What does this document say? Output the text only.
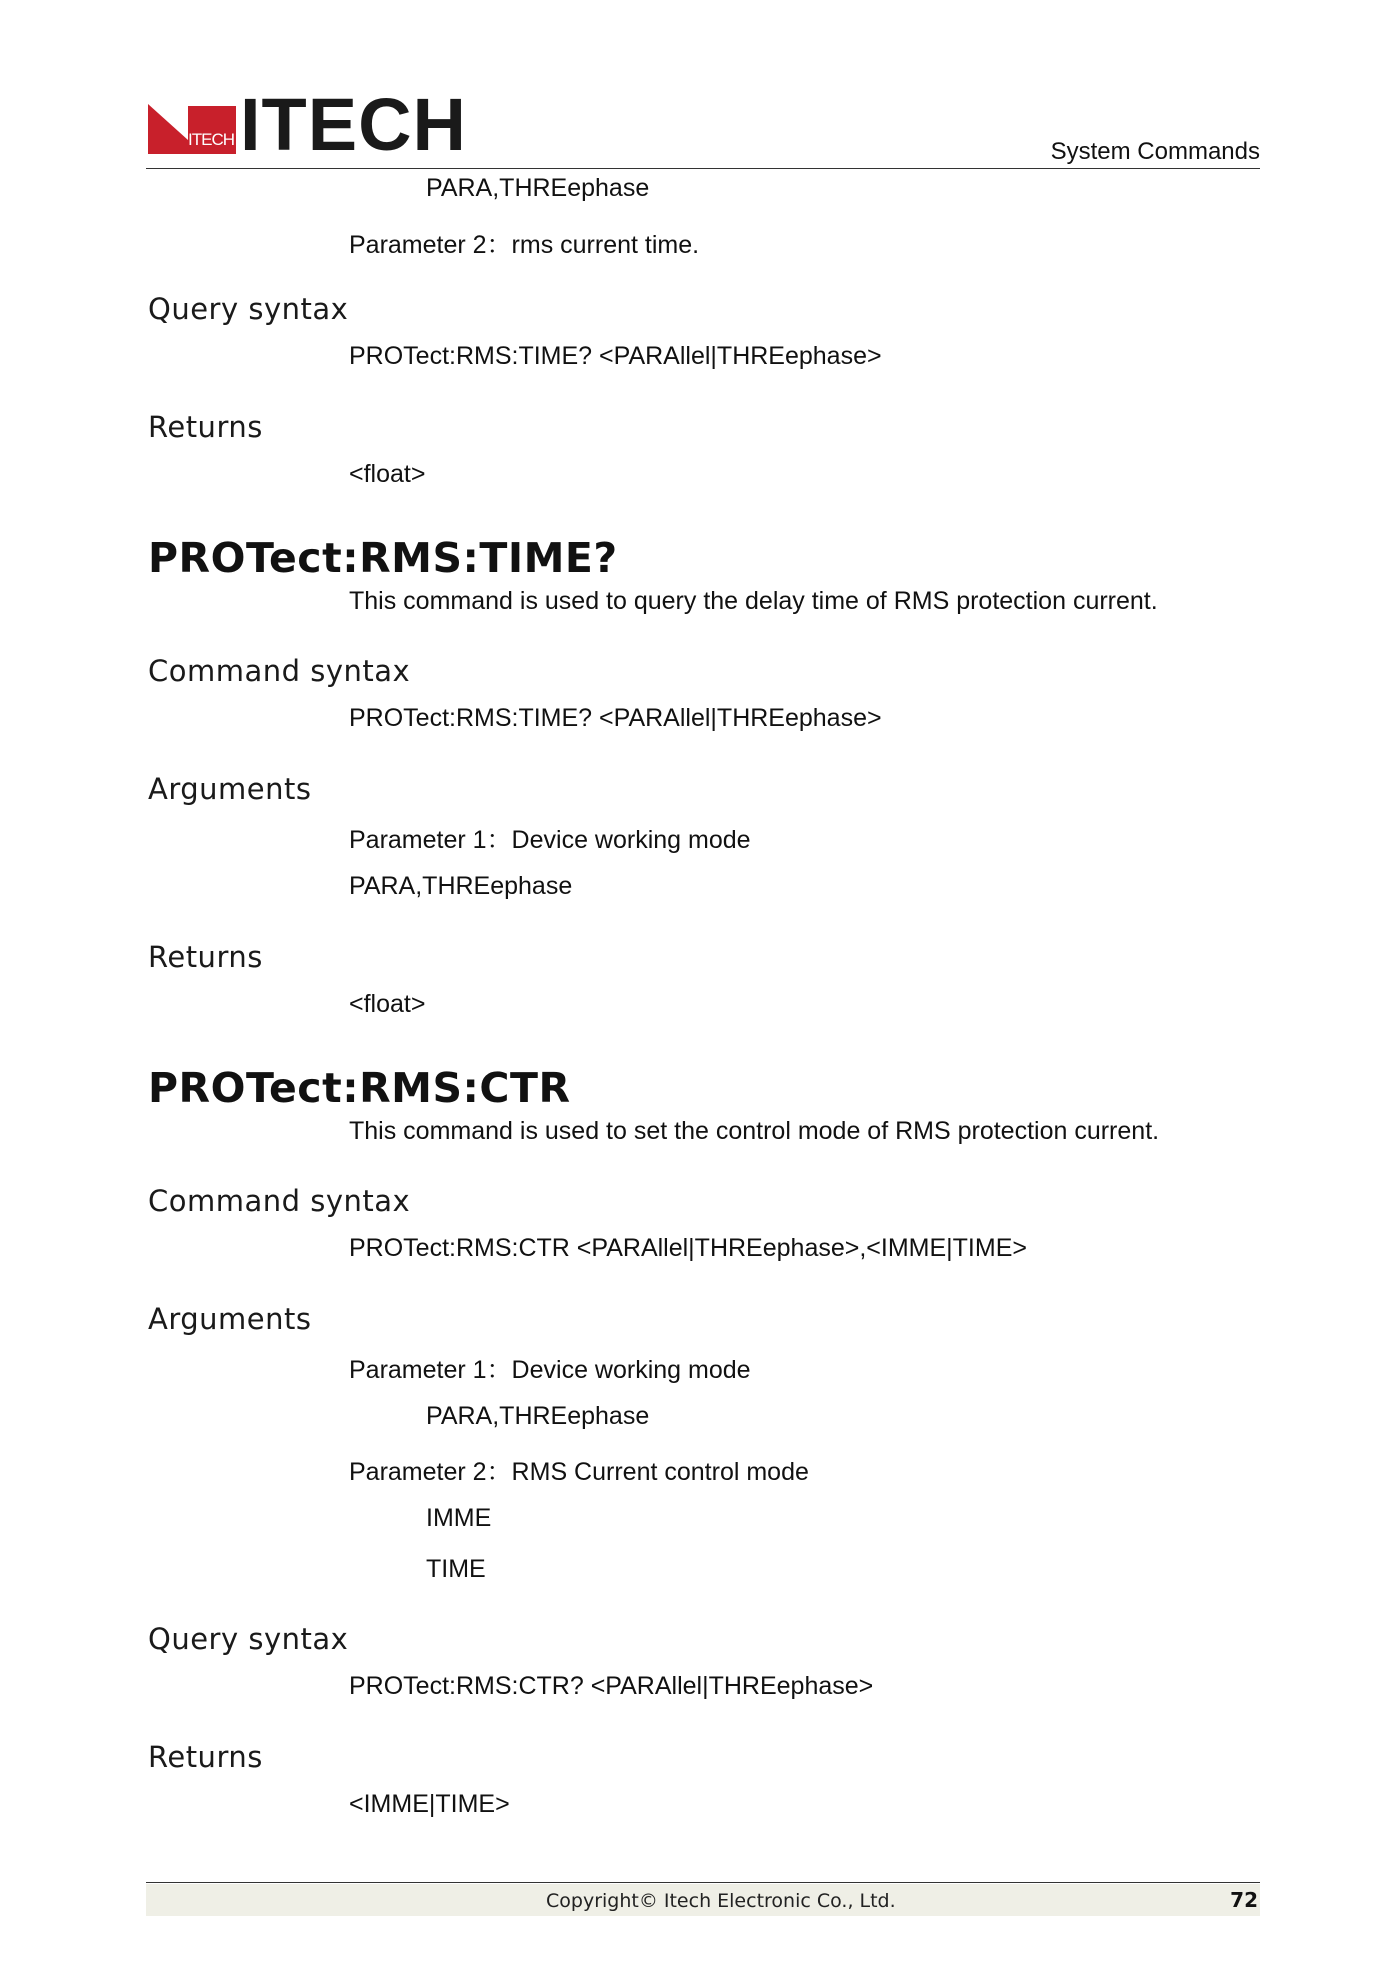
ITECH ITECH	System Commands
PARA,THREephase
Parameter 2：rms current time.
Query syntax
PROTect:RMS:TIME? <PARAllel|THREephase>
Returns
<float>
PROTect:RMS:TIME?
This command is used to query the delay time of RMS protection current.
Command syntax
PROTect:RMS:TIME? <PARAllel|THREephase>
Arguments
Parameter 1：Device working mode
PARA,THREephase
Returns
<float>
PROTect:RMS:CTR
This command is used to set the control mode of RMS protection current.
Command syntax
PROTect:RMS:CTR <PARAllel|THREephase>,<IMME|TIME>
Arguments
Parameter 1：Device working mode
PARA,THREephase
Parameter 2：RMS Current control mode
IMME
TIME
Query syntax
PROTect:RMS:CTR? <PARAllel|THREephase>
Returns
<IMME|TIME>
Copyright© Itech Electronic Co., Ltd.	72
